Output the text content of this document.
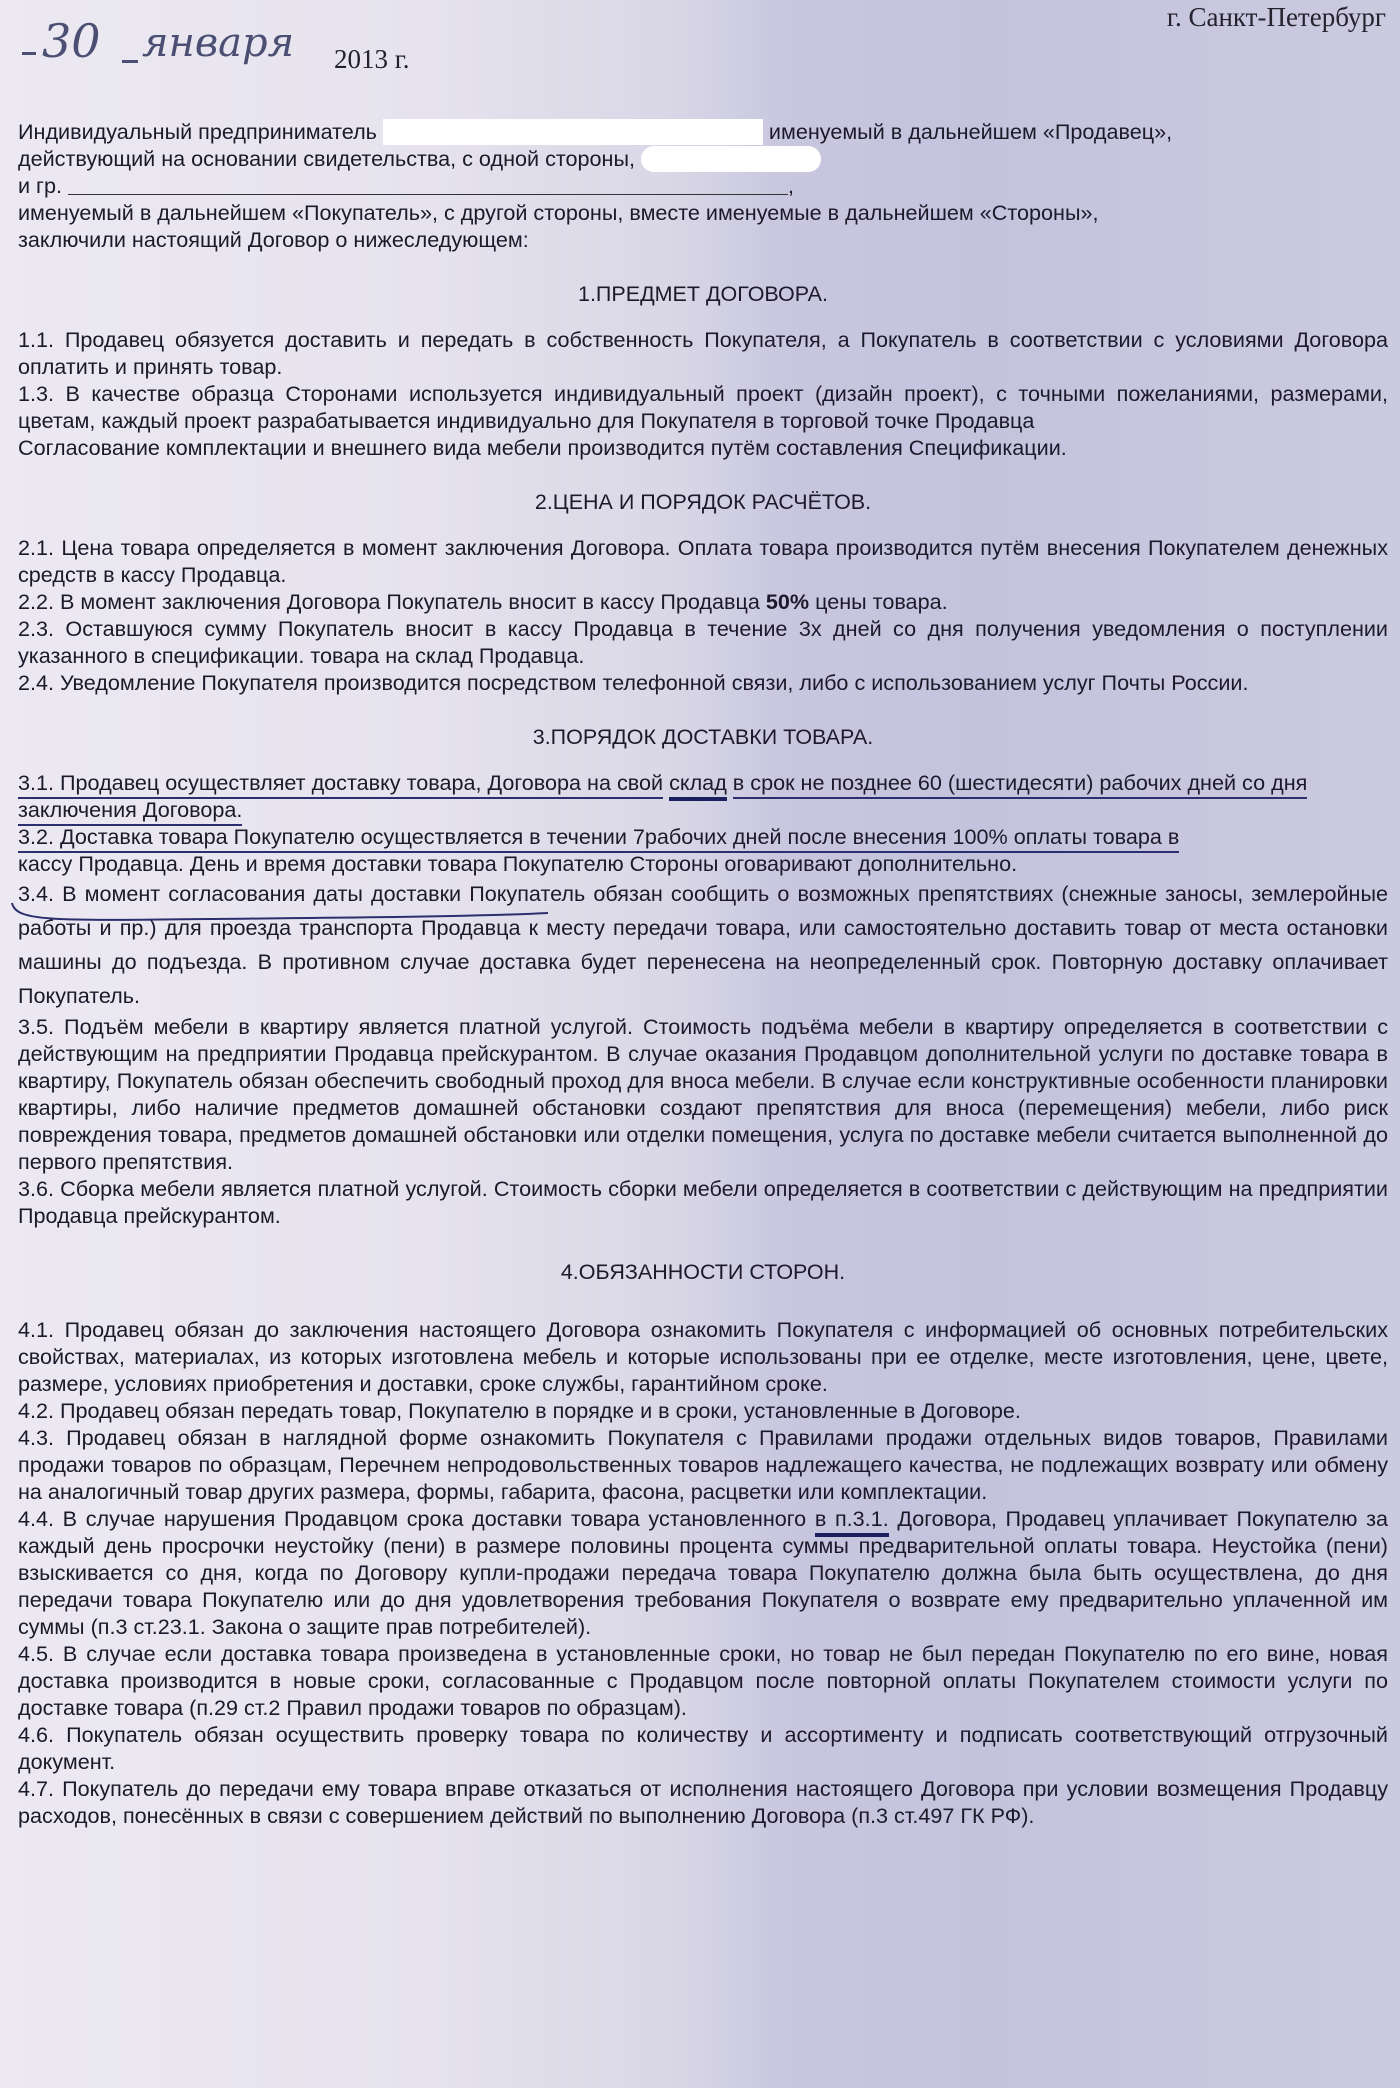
г. Санкт-Петербург
30 января 2013 г.
Индивидуальный предприниматель	именуемый в дальнейшем «Продавец»,
действующий на основании свидетельства, с одной стороны,
и гр.	,
именуемый в дальнейшем «Покупатель», с другой стороны, вместе именуемые в дальнейшем «Стороны»,
заключили настоящий Договор о нижеследующем:
1.ПРЕДМЕТ ДОГОВОРА.
1.1. Продавец обязуется доставить и передать в собственность Покупателя, а Покупатель в соответствии с условиями Договора оплатить и принять товар.
1.3. В качестве образца Сторонами используется индивидуальный проект (дизайн проект), с точными пожеланиями, размерами, цветам, каждый проект разрабатывается индивидуально для Покупателя в торговой точке Продавца
Согласование комплектации и внешнего вида мебели производится путём составления Спецификации.
2.ЦЕНА И ПОРЯДОК РАСЧЁТОВ.
2.1. Цена товара определяется в момент заключения Договора. Оплата товара производится путём внесения Покупателем денежных средств в кассу Продавца.
2.2. В момент заключения Договора Покупатель вносит в кассу Продавца 50% цены товара.
2.3. Оставшуюся сумму Покупатель вносит в кассу Продавца в течение 3х дней со дня получения уведомления о поступлении указанного в спецификации. товара на склад Продавца.
2.4. Уведомление Покупателя производится посредством телефонной связи, либо с использованием услуг Почты России.
3.ПОРЯДОК ДОСТАВКИ ТОВАРА.
3.1. Продавец осуществляет доставку товара, Договора на свой склад в срок не позднее 60 (шестидесяти) рабочих дней со дня заключения Договора.
3.2. Доставка товара Покупателю осуществляется в течении 7рабочих дней после внесения 100% оплаты товара в
кассу Продавца. День и время доставки товара Покупателю Стороны оговаривают дополнительно.
3.4. В момент согласования даты доставки Покупатель обязан сообщить о возможных препятствиях (снежные заносы, землеройные работы и пр.) для проезда транспорта Продавца к месту передачи товара, или самостоятельно доставить товар от места остановки машины до подъезда. В противном случае доставка будет перенесена на неопределенный срок. Повторную доставку оплачивает Покупатель.
3.5. Подъём мебели в квартиру является платной услугой. Стоимость подъёма мебели в квартиру определяется в соответствии с действующим на предприятии Продавца прейскурантом. В случае оказания Продавцом дополнительной услуги по доставке товара в квартиру, Покупатель обязан обеспечить свободный проход для вноса мебели. В случае если конструктивные особенности планировки квартиры, либо наличие предметов домашней обстановки создают препятствия для вноса (перемещения) мебели, либо риск повреждения товара, предметов домашней обстановки или отделки помещения, услуга по доставке мебели считается выполненной до первого препятствия.
3.6. Сборка мебели является платной услугой. Стоимость сборки мебели определяется в соответствии с действующим на предприятии Продавца прейскурантом.
4.ОБЯЗАННОСТИ СТОРОН.
4.1. Продавец обязан до заключения настоящего Договора ознакомить Покупателя с информацией об основных потребительских свойствах, материалах, из которых изготовлена мебель и которые использованы при ее отделке, месте изготовления, цене, цвете, размере, условиях приобретения и доставки, сроке службы, гарантийном сроке.
4.2. Продавец обязан передать товар, Покупателю в порядке и в сроки, установленные в Договоре.
4.3. Продавец обязан в наглядной форме ознакомить Покупателя с Правилами продажи отдельных видов товаров, Правилами продажи товаров по образцам, Перечнем непродовольственных товаров надлежащего качества, не подлежащих возврату или обмену на аналогичный товар других размера, формы, габарита, фасона, расцветки или комплектации.
4.4. В случае нарушения Продавцом срока доставки товара установленного в п.3.1. Договора, Продавец уплачивает Покупателю за каждый день просрочки неустойку (пени) в размере половины процента суммы предварительной оплаты товара. Неустойка (пени) взыскивается со дня, когда по Договору купли-продажи передача товара Покупателю должна была быть осуществлена, до дня передачи товара Покупателю или до дня удовлетворения требования Покупателя о возврате ему предварительно уплаченной им суммы (п.3 ст.23.1. Закона о защите прав потребителей).
4.5. В случае если доставка товара произведена в установленные сроки, но товар не был передан Покупателю по его вине, новая доставка производится в новые сроки, согласованные с Продавцом после повторной оплаты Покупателем стоимости услуги по доставке товара (п.29 ст.2 Правил продажи товаров по образцам).
4.6. Покупатель обязан осуществить проверку товара по количеству и ассортименту и подписать соответствующий отгрузочный документ.
4.7. Покупатель до передачи ему товара вправе отказаться от исполнения настоящего Договора при условии возмещения Продавцу расходов, понесённых в связи с совершением действий по выполнению Договора (п.3 ст.497 ГК РФ).
